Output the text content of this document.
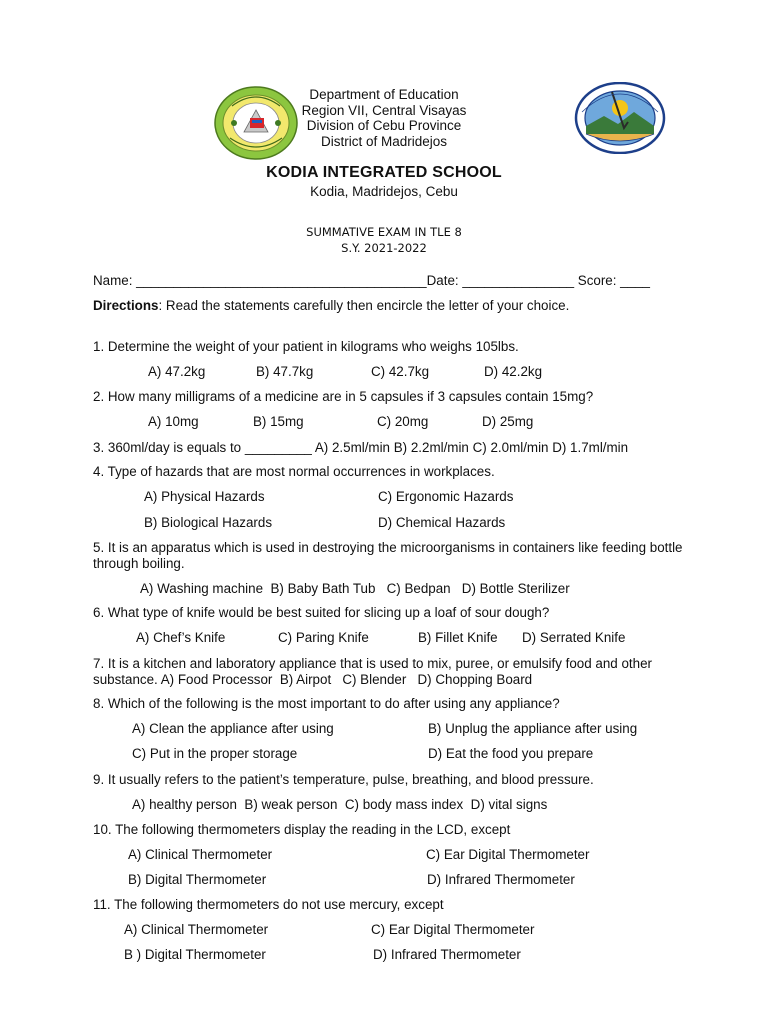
Department of Education
Region VII, Central Visayas
Division of Cebu Province
District of Madridejos
KODIA INTEGRATED SCHOOL
Kodia, Madridejos, Cebu
SUMMATIVE EXAM IN TLE 8
S.Y. 2021-2022
Name: _______________________________________Date: _______________ Score: ____
Directions: Read the statements carefully then encircle the letter of your choice.
1. Determine the weight of your patient in kilograms who weighs 105lbs.
A) 47.2kg	B) 47.7kg	C) 42.7kg	D) 42.2kg
2. How many milligrams of a medicine are in 5 capsules if 3 capsules contain 15mg?
A) 10mg	B) 15mg	C) 20mg	D) 25mg
3. 360ml/day is equals to _________ A) 2.5ml/min B) 2.2ml/min C) 2.0ml/min D) 1.7ml/min
4. Type of hazards that are most normal occurrences in workplaces.
A) Physical Hazards	C) Ergonomic Hazards
B) Biological Hazards	D) Chemical Hazards
5. It is an apparatus which is used in destroying the microorganisms in containers like feeding bottle through boiling.
A) Washing machine  B) Baby Bath Tub   C) Bedpan   D) Bottle Sterilizer
6. What type of knife would be best suited for slicing up a loaf of sour dough?
A) Chef’s Knife	C) Paring Knife	B) Fillet Knife D) Serrated Knife
7. It is a kitchen and laboratory appliance that is used to mix, puree, or emulsify food and other substance. A) Food Processor  B) Airpot   C) Blender   D) Chopping Board
8. Which of the following is the most important to do after using any appliance?
A) Clean the appliance after using	B) Unplug the appliance after using
C) Put in the proper storage	D) Eat the food you prepare
9. It usually refers to the patient’s temperature, pulse, breathing, and blood pressure.
A) healthy person  B) weak person  C) body mass index  D) vital signs
10. The following thermometers display the reading in the LCD, except
A) Clinical Thermometer	C) Ear Digital Thermometer
B) Digital Thermometer	D) Infrared Thermometer
11. The following thermometers do not use mercury, except
A) Clinical Thermometer	C) Ear Digital Thermometer
B ) Digital Thermometer	D) Infrared Thermometer
